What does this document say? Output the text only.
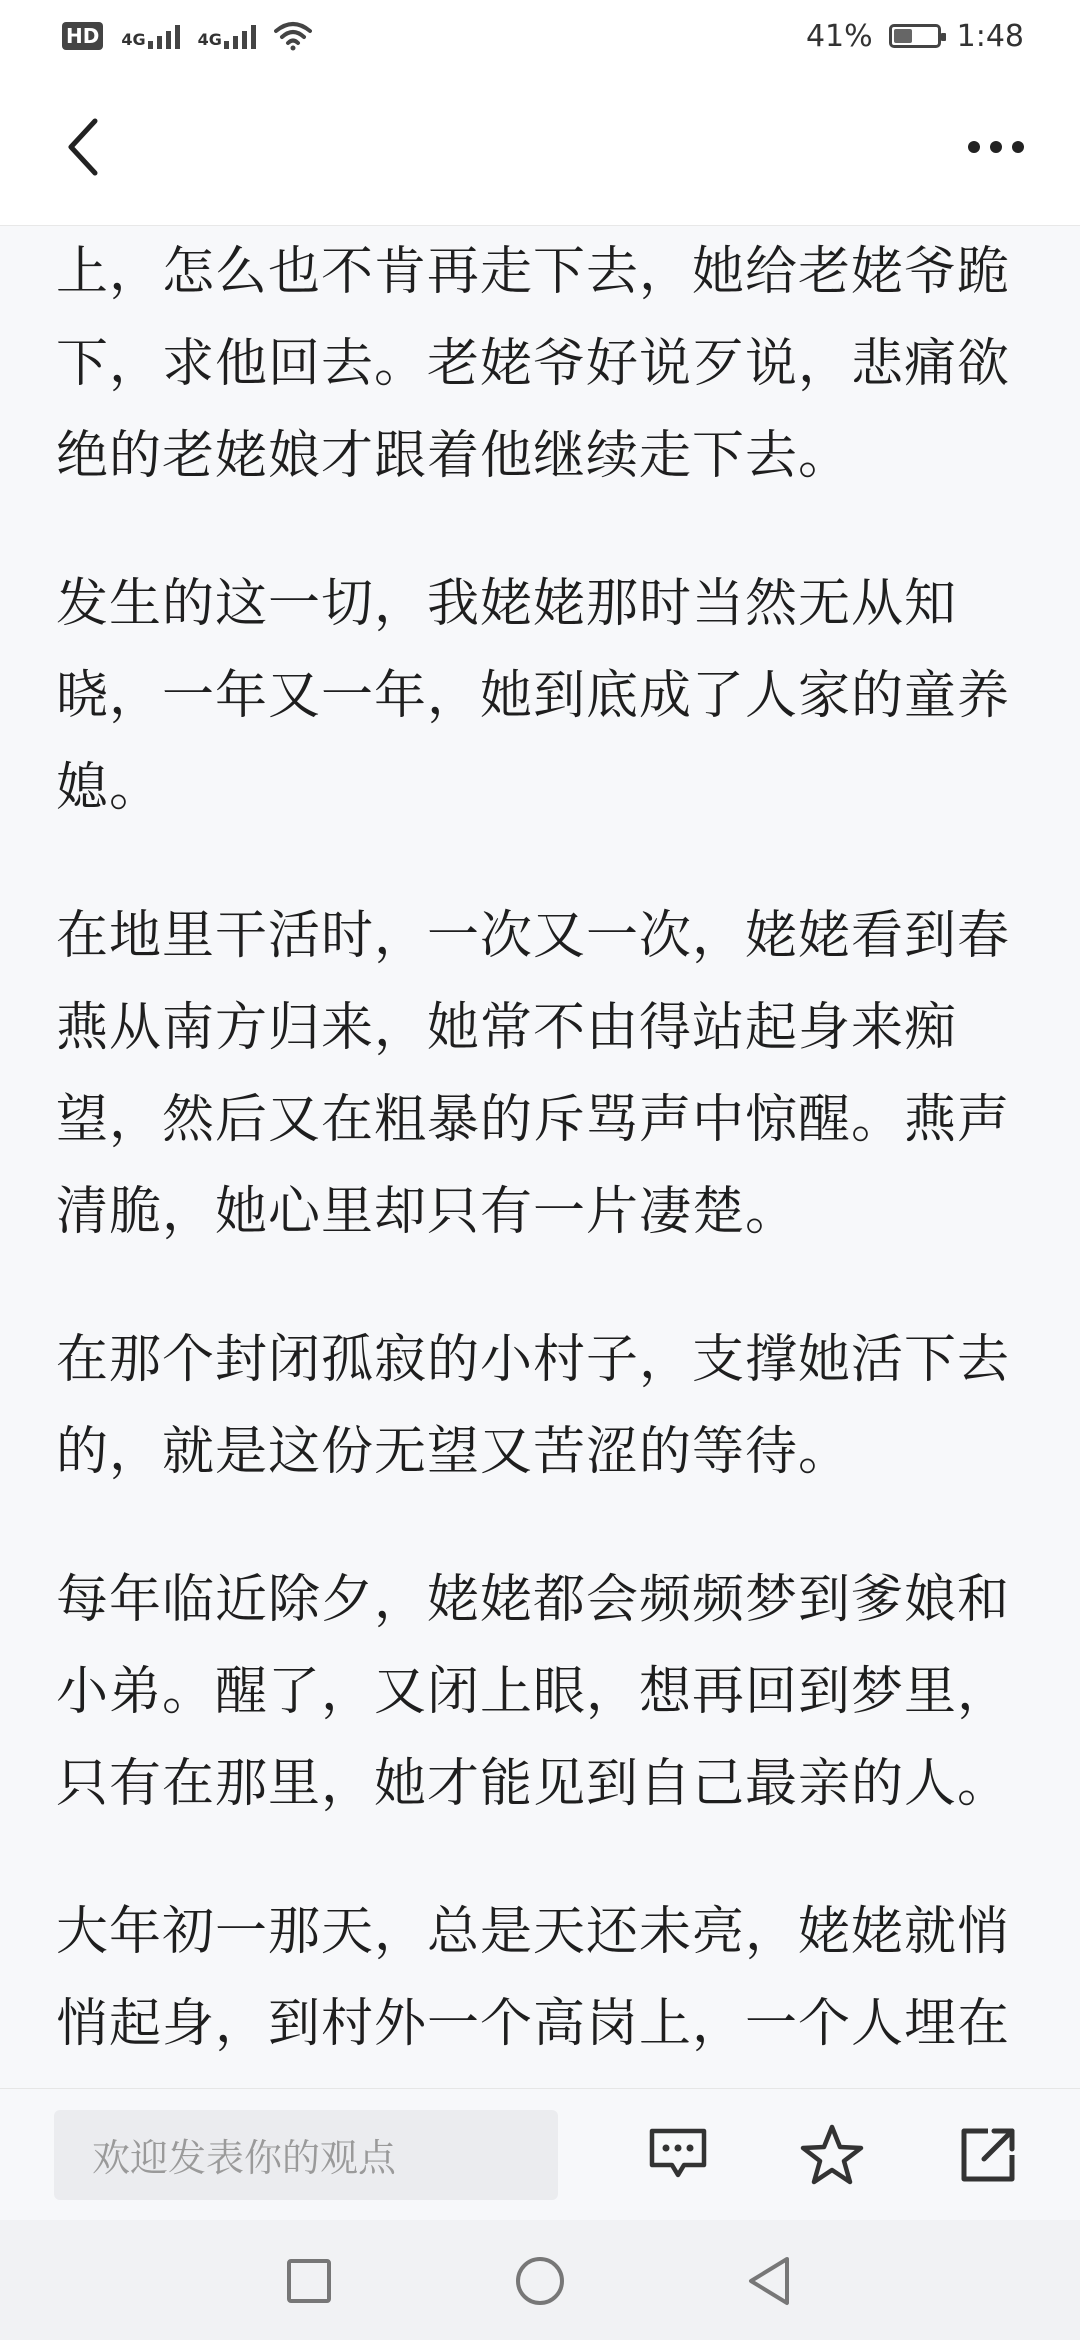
HD 4G	4G	41%	1:48

上，怎么也不肯再走下去，她给老姥爷跪下，求他回去。老姥爷好说歹说，悲痛欲绝的老姥娘才跟着他继续走下去。

发生的这一切，我姥姥那时当然无从知晓，一年又一年，她到底成了人家的童养媳。

在地里干活时，一次又一次，姥姥看到春燕从南方归来，她常不由得站起身来痴望，然后又在粗暴的斥骂声中惊醒。燕声清脆，她心里却只有一片凄楚。

在那个封闭孤寂的小村子，支撑她活下去的，就是这份无望又苦涩的等待。

每年临近除夕，姥姥都会频频梦到爹娘和小弟。醒了，又闭上眼，想再回到梦里，只有在那里，她才能见到自己最亲的人。

大年初一那天，总是天还未亮，姥姥就悄悄起身，到村外一个高岗上，一个人埋在

欢迎发表你的观点
